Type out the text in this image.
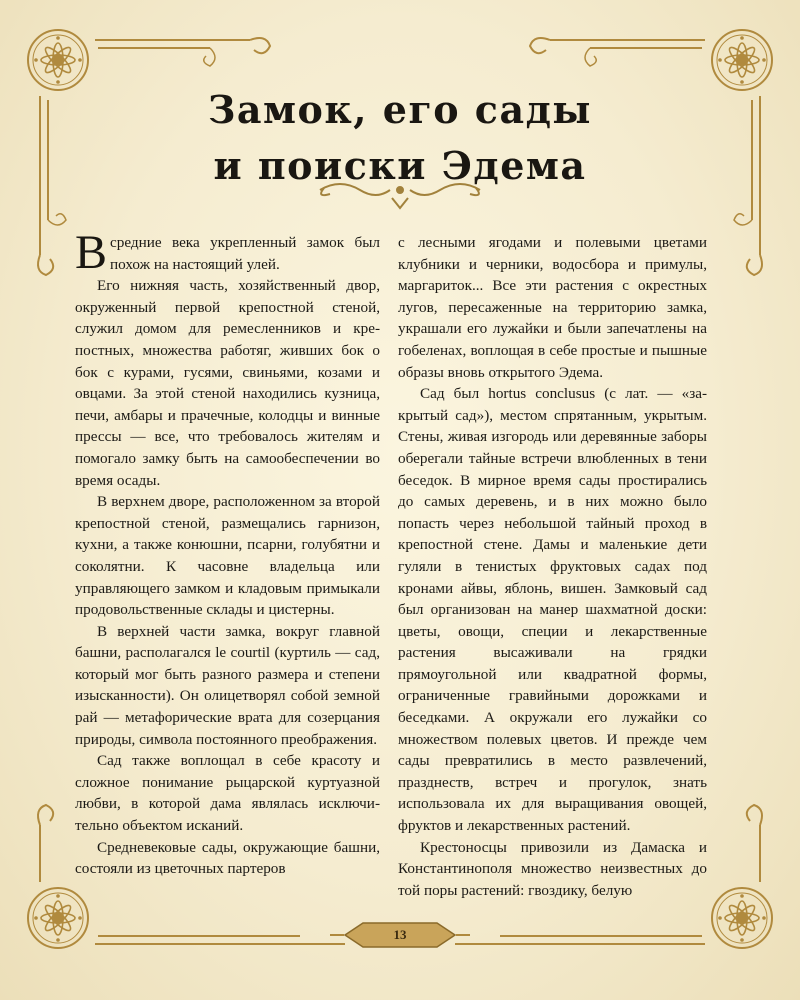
Замок, его сады
и поиски Эдема

Всредние века укрепленный замок был похож на настоящий улей.

Его нижняя часть, хозяйственный двор, окруженный первой крепостной стеной, служил домом для ремесленников и крепостных, множества работяг, живших бок о бок с курами, гусями, свиньями, козами и овцами. За этой стеной находились кузница, печи, амбары и прачечные, колодцы и винные прессы — все, что требовалось жителям и помогало замку быть на самообеспечении во время осады.

В верхнем дворе, расположенном за второй крепостной стеной, размещались гарнизон, кухни, а также конюшни, псарни, голубятни и соколятни. К часовне владельца или управляющего замком и кладовым примыкали продовольственные склады и цистерны.

В верхней части замка, вокруг главной башни, располагался le courtil (куртиль — сад, который мог быть разного размера и степени изысканности). Он олицетворял собой земной рай — метафорические врата для созерцания природы, символа постоянного преображения.

Сад также воплощал в себе красоту и сложное понимание рыцарской куртуазной любви, в которой дама являлась исключительно объектом исканий.

Средневековые сады, окружающие башни, состояли из цветочных партеров

с лесными ягодами и полевыми цветами клубники и черники, водосбора и примулы, маргариток... Все эти растения с окрестных лугов, пересаженные на территорию замка, украшали его лужайки и были запечатлены на гобеленах, воплощая в себе простые и пышные образы вновь открытого Эдема.

Сад был hortus conclusus (с лат. — «закрытый сад»), местом спрятанным, укрытым. Стены, живая изгородь или деревянные заборы оберегали тайные встречи влюбленных в тени беседок. В мирное время сады простирались до самых деревень, и в них можно было попасть через небольшой тайный проход в крепостной стене. Дамы и маленькие дети гуляли в тенистых фруктовых садах под кронами айвы, яблонь, вишен. Замковый сад был организован на манер шахматной доски: цветы, овощи, специи и лекарственные растения высаживали на грядки прямоугольной или квадратной формы, ограниченные гравийными дорожками и беседками. А окружали его лужайки со множеством полевых цветов. И прежде чем сады превратились в место развлечений, празднеств, встреч и прогулок, знать использовала их для выращивания овощей, фруктов и лекарственных растений.

Крестоносцы привозили из Дамаска и Константинополя множество неизвестных до той поры растений: гвоздику, белую

13
